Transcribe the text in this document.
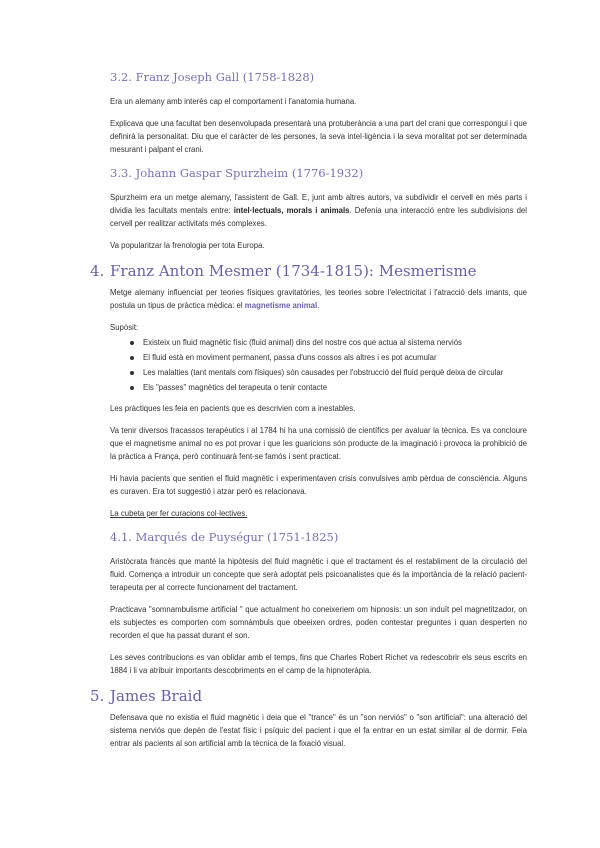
3.2. Franz Joseph Gall (1758-1828)

Era un alemany amb interès cap el comportament i l'anatomia humana.

Explicava que una facultat ben desenvolupada presentarà una protuberància a una part del crani que correspongui i que definirà la personalitat. Diu que el caràcter de les persones, la seva intel·ligència i la seva moralitat pot ser determinada mesurant i palpant el crani.

3.3. Johann Gaspar Spurzheim (1776-1932)

Spurzheim era un metge alemany, l'assistent de Gall. E, junt amb altres autors, va subdividir el cervell en més parts i dividia les facultats mentals entre: intel·lectuals, morals i animals. Defenia una interacció entre les subdivisions del cervell per realitzar activitats més complexes.

Va popularitzar la frenologia per tota Europa.

4. Franz Anton Mesmer (1734-1815): Mesmerisme

Metge alemany influenciat per teories físiques gravitatòries, les teories sobre l'electricitat i l'atracció dels imants, que postula un tipus de pràctica mèdica: el magnetisme animal.

Supòsit:

Existeix un fluid magnètic físic (fluid animal) dins del nostre cos que actua al sistema nerviós
El fluid està en moviment permanent, passa d'uns cossos als altres i es pot acumular
Les malalties (tant mentals com físiques) són causades per l'obstrucció del fluid perquè deixa de circular
Els "passes" magnètics del terapeuta o tenir contacte

Les pràctiques les feia en pacients que es descrivien com a inestables.

Va tenir diversos fracassos terapèutics i al 1784 hi ha una comissió de científics per avaluar la tècnica. Es va concloure que el magnetisme animal no es pot provar i que les guaricions són producte de la imaginació i provoca la prohibició de la pràctica a França, però continuarà fent-se famós i sent practicat.

Hi havia pacients que sentien el fluid magnètic i experimentaven crisis convulsives amb pèrdua de consciència. Alguns es curaven. Era tot suggestió i atzar però es relacionava.

La cubeta per fer curacions col·lectives.

4.1. Marqués de Puységur (1751-1825)

Aristòcrata francès que manté la hipòtesis del fluid magnètic i que el tractament és el restabliment de la circulació del fluid. Comença a introduir un concepte que serà adoptat pels psicoanalistes que és la importància de la relació pacient-terapeuta per al correcte funcionament del tractament.

Practicava "somnambulisme artificial " que actualment ho coneixeriem om hipnosis: un son induït pel magnetitzador, on els subjectes es comporten com somnàmbuls que obeeixen ordres, poden contestar preguntes i quan desperten no recorden el que ha passat durant el son.

Les seves contribucions es van oblidar amb el temps, fins que Charles Robert Richet va redescobrir els seus escrits en 1884 i li va atribuir importants descobriments en el camp de la hipnoteràpia.

5. James Braid

Defensava que no existia el fluid magnètic i deia que el "trance" és un "son nerviós" o "son artificial": una alteració del sistema nerviós que depèn de l'estat físic i psíquic del pacient i que el fa entrar en un estat similar al de dormir. Feia entrar als pacients al son artificial amb la tècnica de la fixació visual.
